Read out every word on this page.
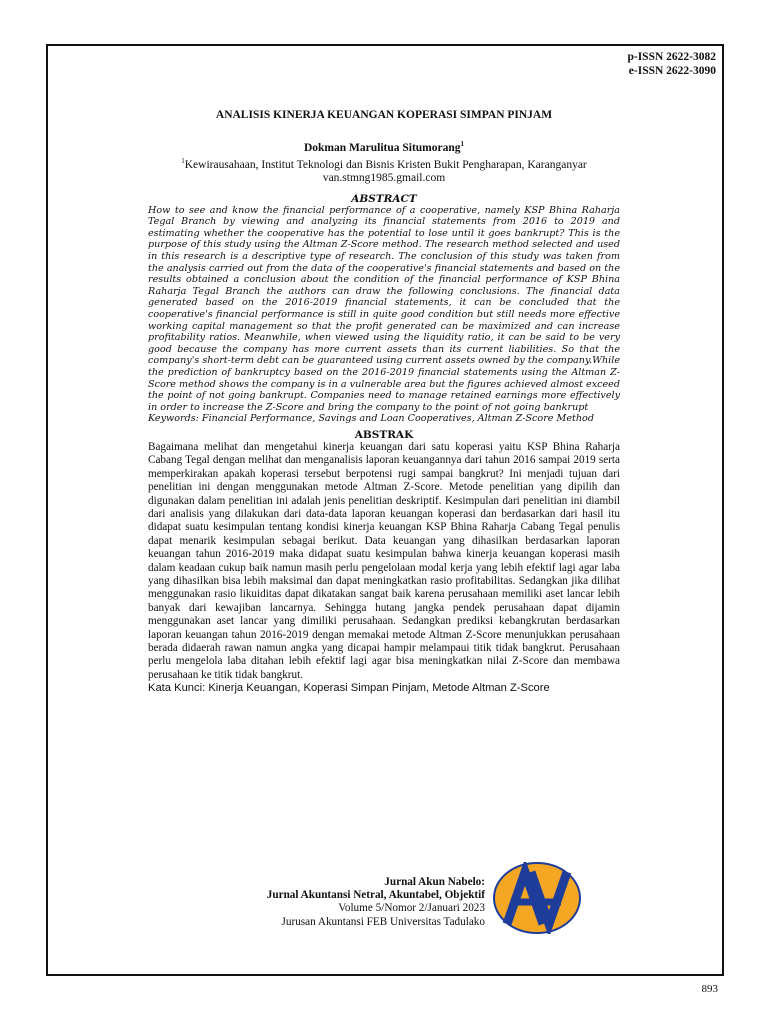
p-ISSN 2622-3082
e-ISSN 2622-3090
ANALISIS KINERJA KEUANGAN KOPERASI SIMPAN PINJAM
Dokman Marulitua Situmorang$^1$
$^1$Kewirausahaan, Institut Teknologi dan Bisnis Kristen Bukit Pengharapan, Karanganyar
van.stmng1985.gmail.com
ABSTRACT

How to see and know the financial performance of a cooperative, namely KSP Bhina Raharja Tegal Branch by viewing and analyzing its financial statements from 2016 to 2019 and estimating whether the cooperative has the potential to lose until it goes bankrupt? This is the purpose of this study using the Altman Z-Score method. The research method selected and used in this research is a descriptive type of research. The conclusion of this study was taken from the analysis carried out from the data of the cooperative's financial statements and based on the results obtained a conclusion about the condition of the financial performance of KSP Bhina Raharja Tegal Branch the authors can draw the following conclusions. The financial data generated based on the 2016-2019 financial statements, it can be concluded that the cooperative's financial performance is still in quite good condition but still needs more effective working capital management so that the profit generated can be maximized and can increase profitability ratios. Meanwhile, when viewed using the liquidity ratio, it can be said to be very good because the company has more current assets than its current liabilities. So that the company's short-term debt can be guaranteed using current assets owned by the company.While the prediction of bankruptcy based on the 2016-2019 financial statements using the Altman Z-Score method shows the company is in a vulnerable area but the figures achieved almost exceed the point of not going bankrupt. Companies need to manage retained earnings more effectively in order to increase the Z-Score and bring the company to the point of not going bankrupt

Keywords: Financial Performance, Savings and Loan Cooperatives, Altman Z-Score Method

ABSTRAK

Bagaimana melihat dan mengetahui kinerja keuangan dari satu koperasi yaitu KSP Bhina Raharja Cabang Tegal dengan melihat dan menganalisis laporan keuangannya dari tahun 2016 sampai 2019 serta memperkirakan apakah koperasi tersebut berpotensi rugi sampai bangkrut? Ini menjadi tujuan dari penelitian ini dengan menggunakan metode Altman Z-Score. Metode penelitian yang dipilih dan digunakan dalam penelitian ini adalah jenis penelitian deskriptif. Kesimpulan dari penelitian ini diambil dari analisis yang dilakukan dari data-data laporan keuangan koperasi dan berdasarkan dari hasil itu didapat suatu kesimpulan tentang kondisi kinerja keuangan KSP Bhina Raharja Cabang Tegal penulis dapat menarik kesimpulan sebagai berikut. Data keuangan yang dihasilkan berdasarkan laporan keuangan tahun 2016-2019 maka didapat suatu kesimpulan bahwa kinerja keuangan koperasi masih dalam keadaan cukup baik namun masih perlu pengelolaan modal kerja yang lebih efektif lagi agar laba yang dihasilkan bisa lebih maksimal dan dapat meningkatkan rasio profitabilitas. Sedangkan jika dilihat menggunakan rasio likuiditas dapat dikatakan sangat baik karena perusahaan memiliki aset lancar lebih banyak dari kewajiban lancarnya. Sehingga hutang jangka pendek perusahaan dapat dijamin menggunakan aset lancar yang dimiliki perusahaan. Sedangkan prediksi kebangkrutan berdasarkan laporan keuangan tahun 2016-2019 dengan memakai metode Altman Z-Score menunjukkan perusahaan berada didaerah rawan namun angka yang dicapai hampir melampaui titik tidak bangkrut. Perusahaan perlu mengelola laba ditahan lebih efektif lagi agar bisa meningkatkan nilai Z-Score dan membawa perusahaan ke titik tidak bangkrut.

Kata Kunci: Kinerja Keuangan, Koperasi Simpan Pinjam, Metode Altman Z-Score

Jurnal Akun Nabelo:
Jurnal Akuntansi Netral, Akuntabel, Objektif
Volume 5/Nomor 2/Januari 2023
Jurusan Akuntansi FEB Universitas Tadulako
893
